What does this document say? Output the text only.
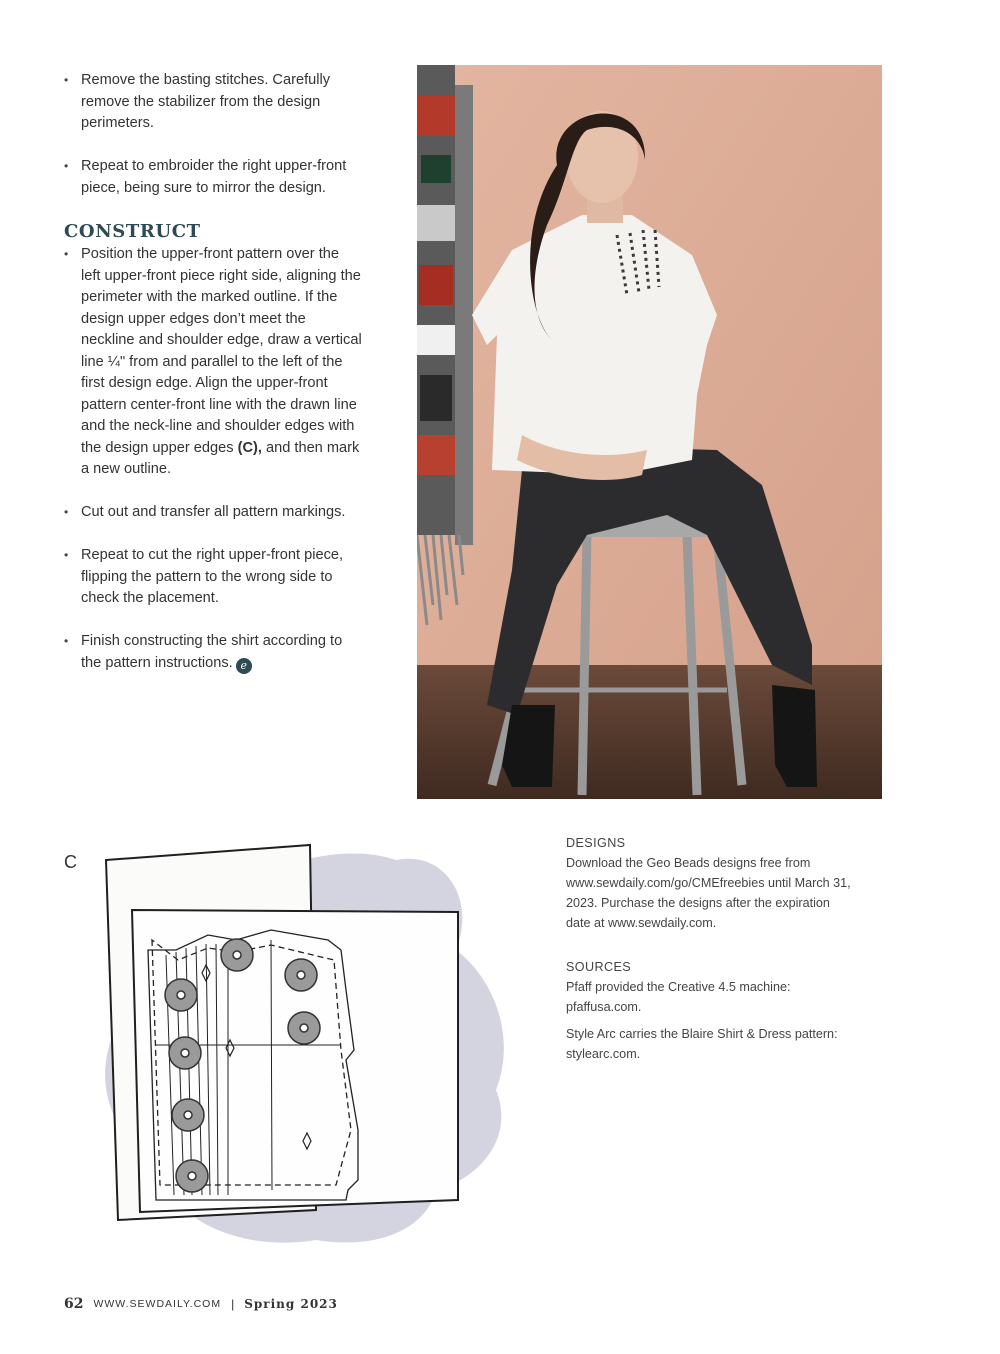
• Remove the basting stitches. Carefully remove the stabilizer from the design perimeters.
• Repeat to embroider the right upper-front piece, being sure to mirror the design.
CONSTRUCT
• Position the upper-front pattern over the left upper-front piece right side, aligning the perimeter with the marked outline. If the design upper edges don’t meet the neckline and shoulder edge, draw a vertical line ¼" from and parallel to the left of the first design edge. Align the upper-front pattern center-front line with the drawn line and the neck-line and shoulder edges with the design upper edges (C), and then mark a new outline.
• Cut out and transfer all pattern markings.
• Repeat to cut the right upper-front piece, flipping the pattern to the wrong side to check the placement.
• Finish constructing the shirt according to the pattern instructions. e
C
DESIGNS

Download the Geo Beads designs free from www.sewdaily.com/go/CMEfreebies until March 31, 2023. Purchase the designs after the expiration date at www.sewdaily.com.

SOURCES

Pfaff provided the Creative 4.5 machine: pfaffusa.com.

Style Arc carries the Blaire Shirt & Dress pattern: stylearc.com.

62 WWW.SEWDAILY.COM | Spring 2023
